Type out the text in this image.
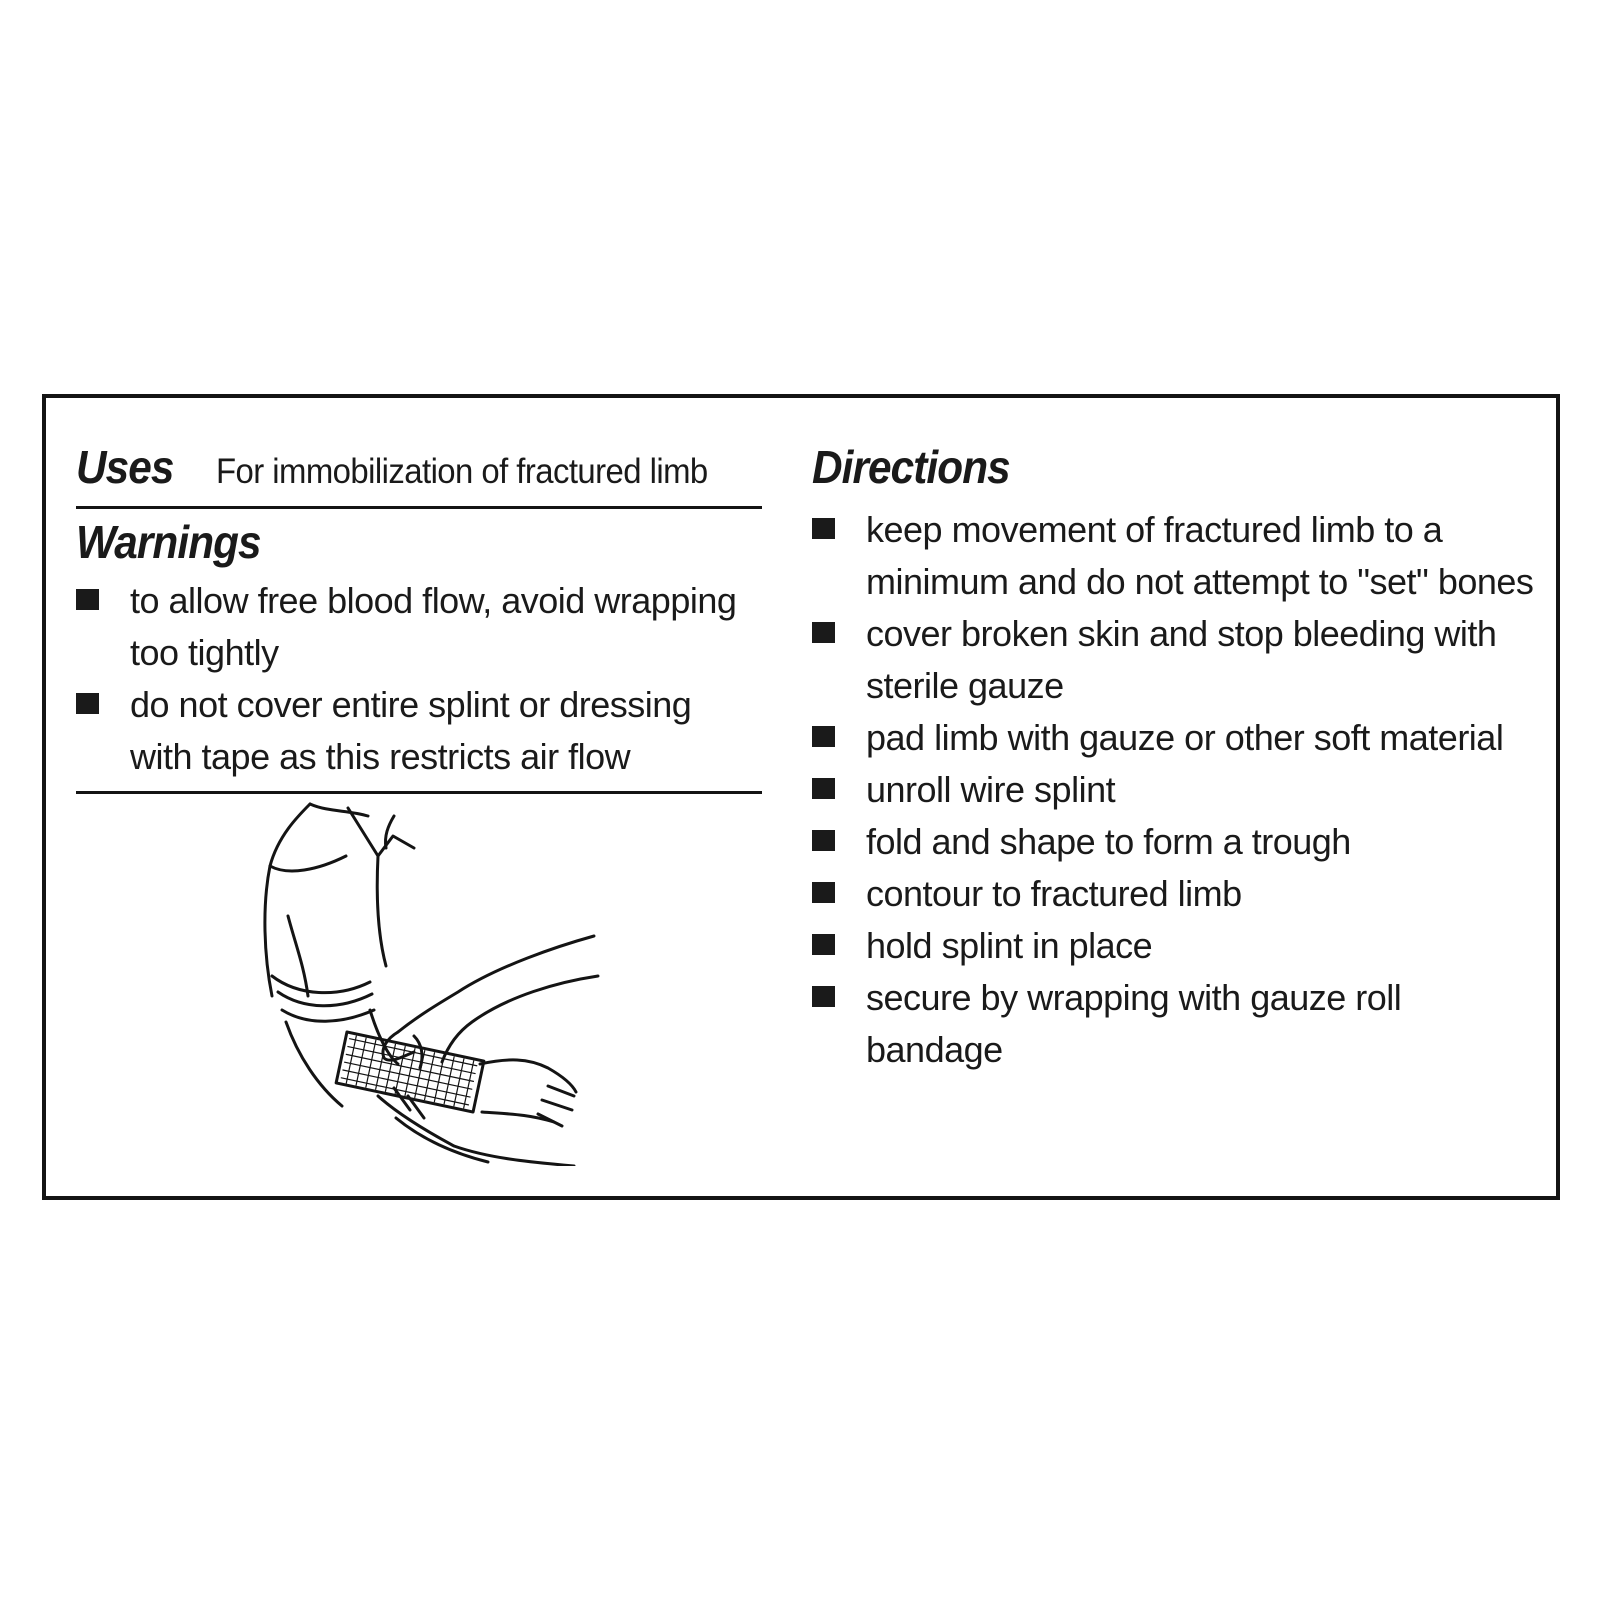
Uses For immobilization of fractured limb
Warnings
to allow free blood flow, avoid wrapping too tightly
do not cover entire splint or dressing with tape as this restricts air flow
Directions
keep movement of fractured limb to a minimum and do not attempt to "set" bones
cover broken skin and stop bleeding with sterile gauze
pad limb with gauze or other soft material
unroll wire splint
fold and shape to form a trough
contour to fractured limb
hold splint in place
secure by wrapping with gauze roll bandage
